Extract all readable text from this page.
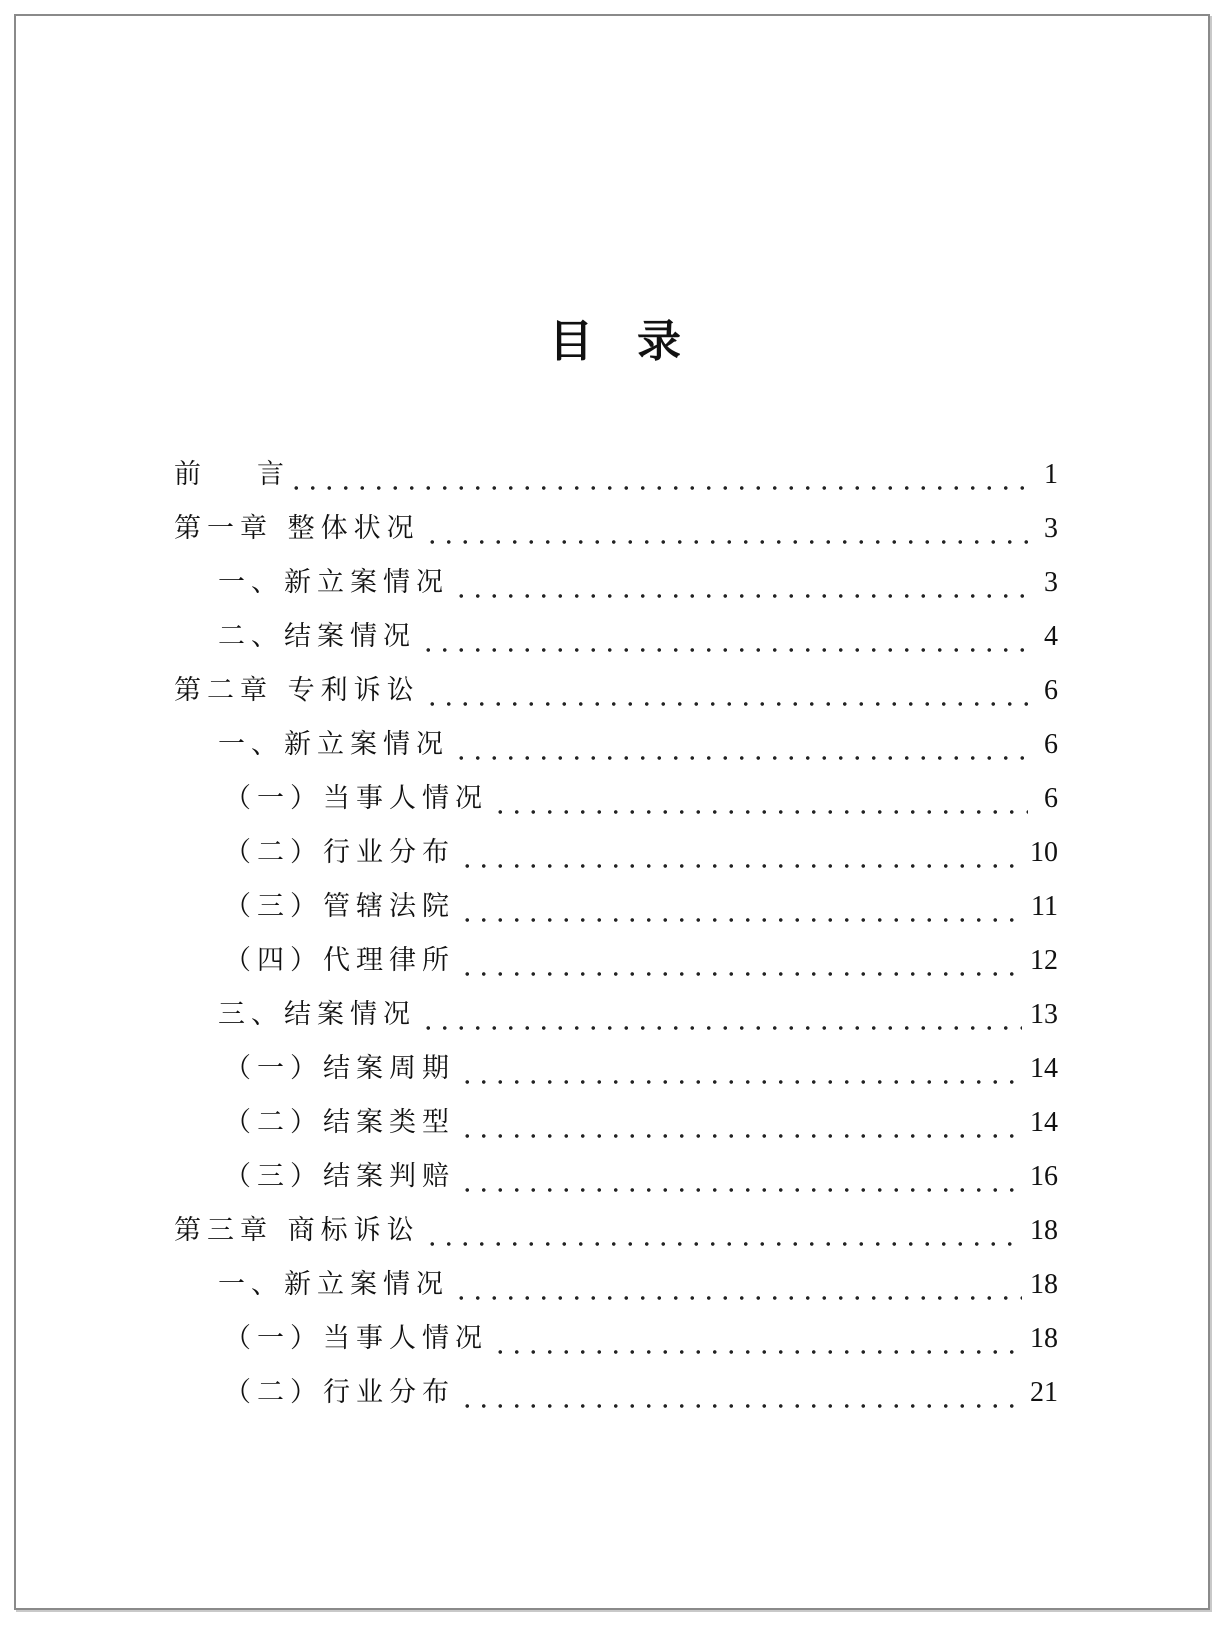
目 录
前 言	1
第一章 整体状况	3
一、新立案情况	3
二、结案情况	4
第二章 专利诉讼	6
一、新立案情况	6
（一）当事人情况	6
（二）行业分布	10
（三）管辖法院	11
（四）代理律所	12
三、结案情况	13
（一）结案周期	14
（二）结案类型	14
（三）结案判赔	16
第三章 商标诉讼	18
一、新立案情况	18
（一）当事人情况	18
（二）行业分布	21
